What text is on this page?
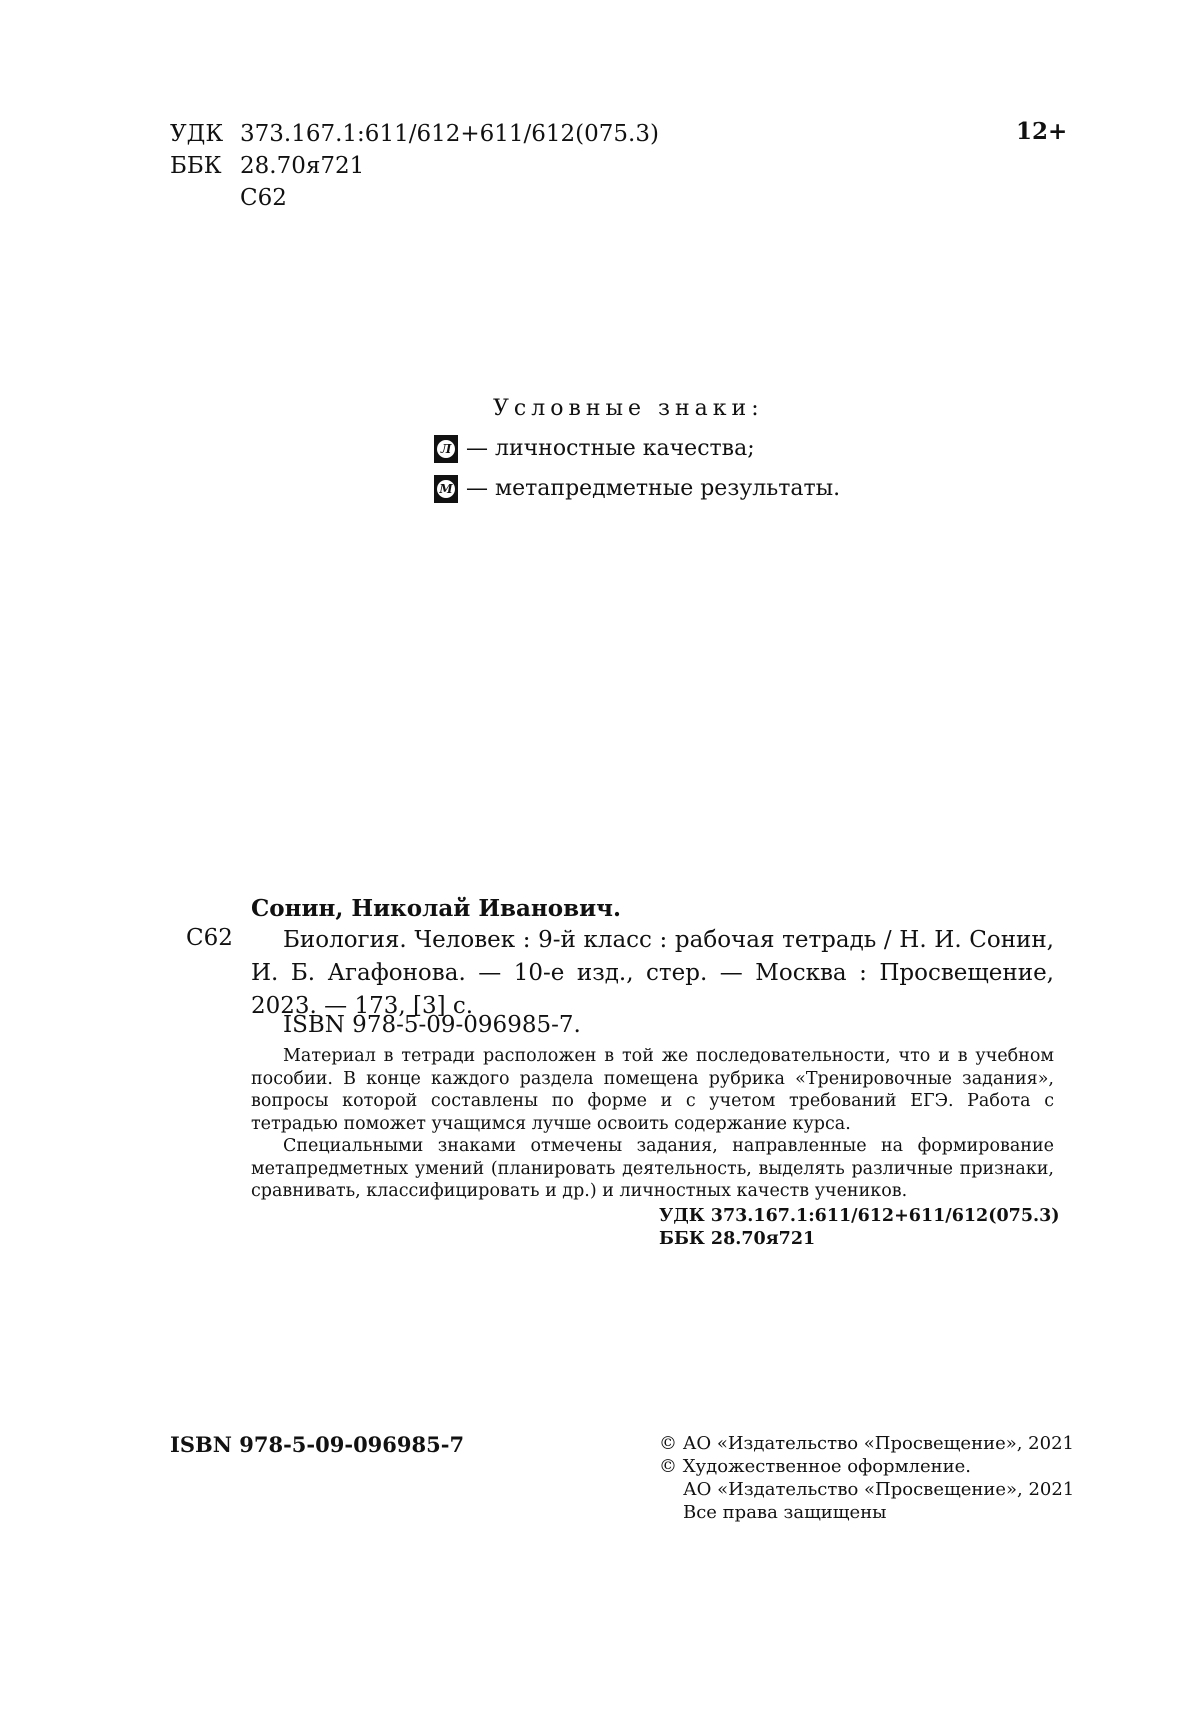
УДК 373.167.1:611/612+611/612(075.3)
ББК 28.70я721
С62
12+
Условные знаки:
Л — личностные качества;
М — метапредметные результаты.
С62
Сонин, Николай Иванович.
Биология. Человек : 9-й класс : рабочая тетрадь / Н. И. Сонин, И. Б. Агафонова. — 10-е изд., стер. — Москва : Просвещение, 2023. — 173, [3] с.
ISBN 978-5-09-096985-7.

Материал в тетради расположен в той же последовательности, что и в учебном пособии. В конце каждого раздела помещена рубрика «Тренировочные задания», вопросы которой составлены по форме и с учетом требований ЕГЭ. Работа с тетрадью поможет учащимся лучше освоить содержание курса.

Специальными знаками отмечены задания, направленные на формирование метапредметных умений (планировать деятельность, выделять различные признаки, сравнивать, классифицировать и др.) и личностных качеств учеников.

УДК 373.167.1:611/612+611/612(075.3)
ББК 28.70я721
ISBN 978-5-09-096985-7	© АО «Издательство «Просвещение», 2021
© Художественное оформление.
АО «Издательство «Просвещение», 2021
Все права защищены
